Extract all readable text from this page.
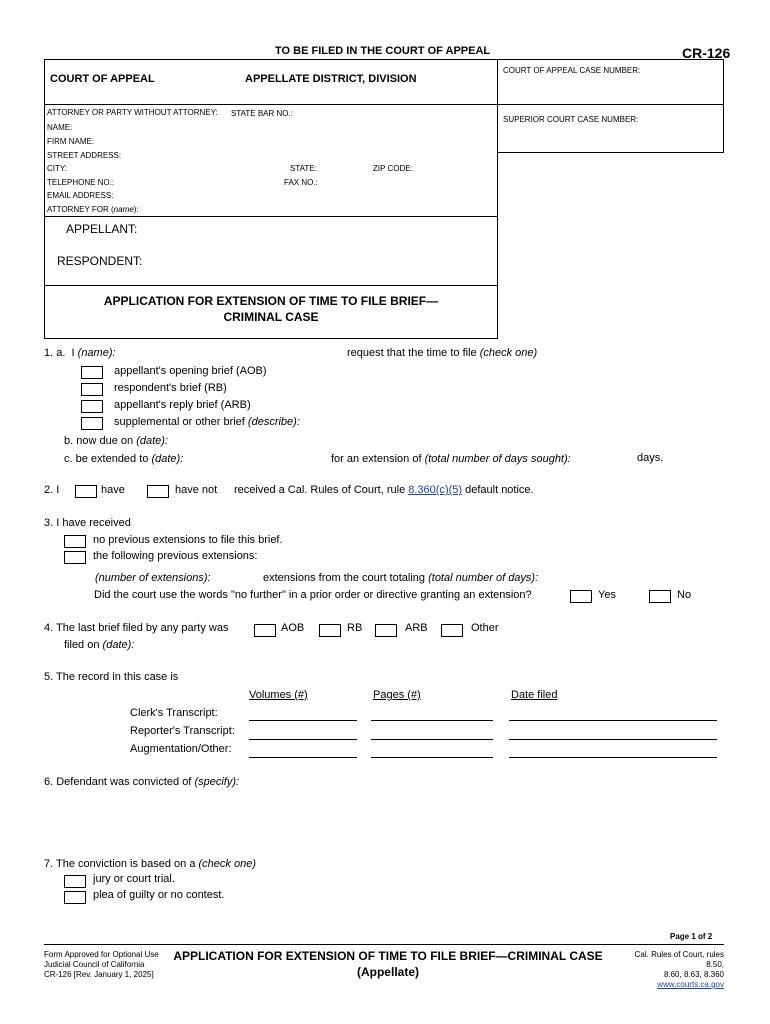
TO BE FILED IN THE COURT OF APPEAL	CR-126
COURT OF APPEAL	APPELLATE DISTRICT, DIVISION
COURT OF APPEAL CASE NUMBER:
SUPERIOR COURT CASE NUMBER:
ATTORNEY OR PARTY WITHOUT ATTORNEY: STATE BAR NO.:
NAME:
FIRM NAME:
STREET ADDRESS:
CITY:	STATE:	ZIP CODE:
TELEPHONE NO.:	FAX NO.:
EMAIL ADDRESS:
ATTORNEY FOR (name):
APPELLANT:
RESPONDENT:
APPLICATION FOR EXTENSION OF TIME TO FILE BRIEF—
CRIMINAL CASE
1. a. I (name):	request that the time to file (check one)
appellant's opening brief (AOB)
respondent's brief (RB)
appellant's reply brief (ARB)
supplemental or other brief (describe):
b. now due on (date):
c. be extended to (date):	for an extension of (total number of days sought):	days.
2. I	have	have not received a Cal. Rules of Court, rule 8.360(c)(5) default notice.
3. I have received
no previous extensions to file this brief.
the following previous extensions:
(number of extensions):	extensions from the court totaling (total number of days):
Did the court use the words "no further" in a prior order or directive granting an extension?	Yes	No
4. The last brief filed by any party was
filed on (date):
AOB	RB	ARB	Other
5. The record in this case is
Volumes (#)	Pages (#)	Date filed
Clerk's Transcript:
Reporter's Transcript:
Augmentation/Other:
6. Defendant was convicted of (specify):
7. The conviction is based on a (check one)
jury or court trial.
plea of guilty or no contest.
Page 1 of 2
Form Approved for Optional Use
Judicial Council of California
CR-126 [Rev. January 1, 2025]
APPLICATION FOR EXTENSION OF TIME TO FILE BRIEF—CRIMINAL CASE
(Appellate)
Cal. Rules of Court, rules 8.50,
8.60, 8.63, 8.360
www.courts.ca.gov
